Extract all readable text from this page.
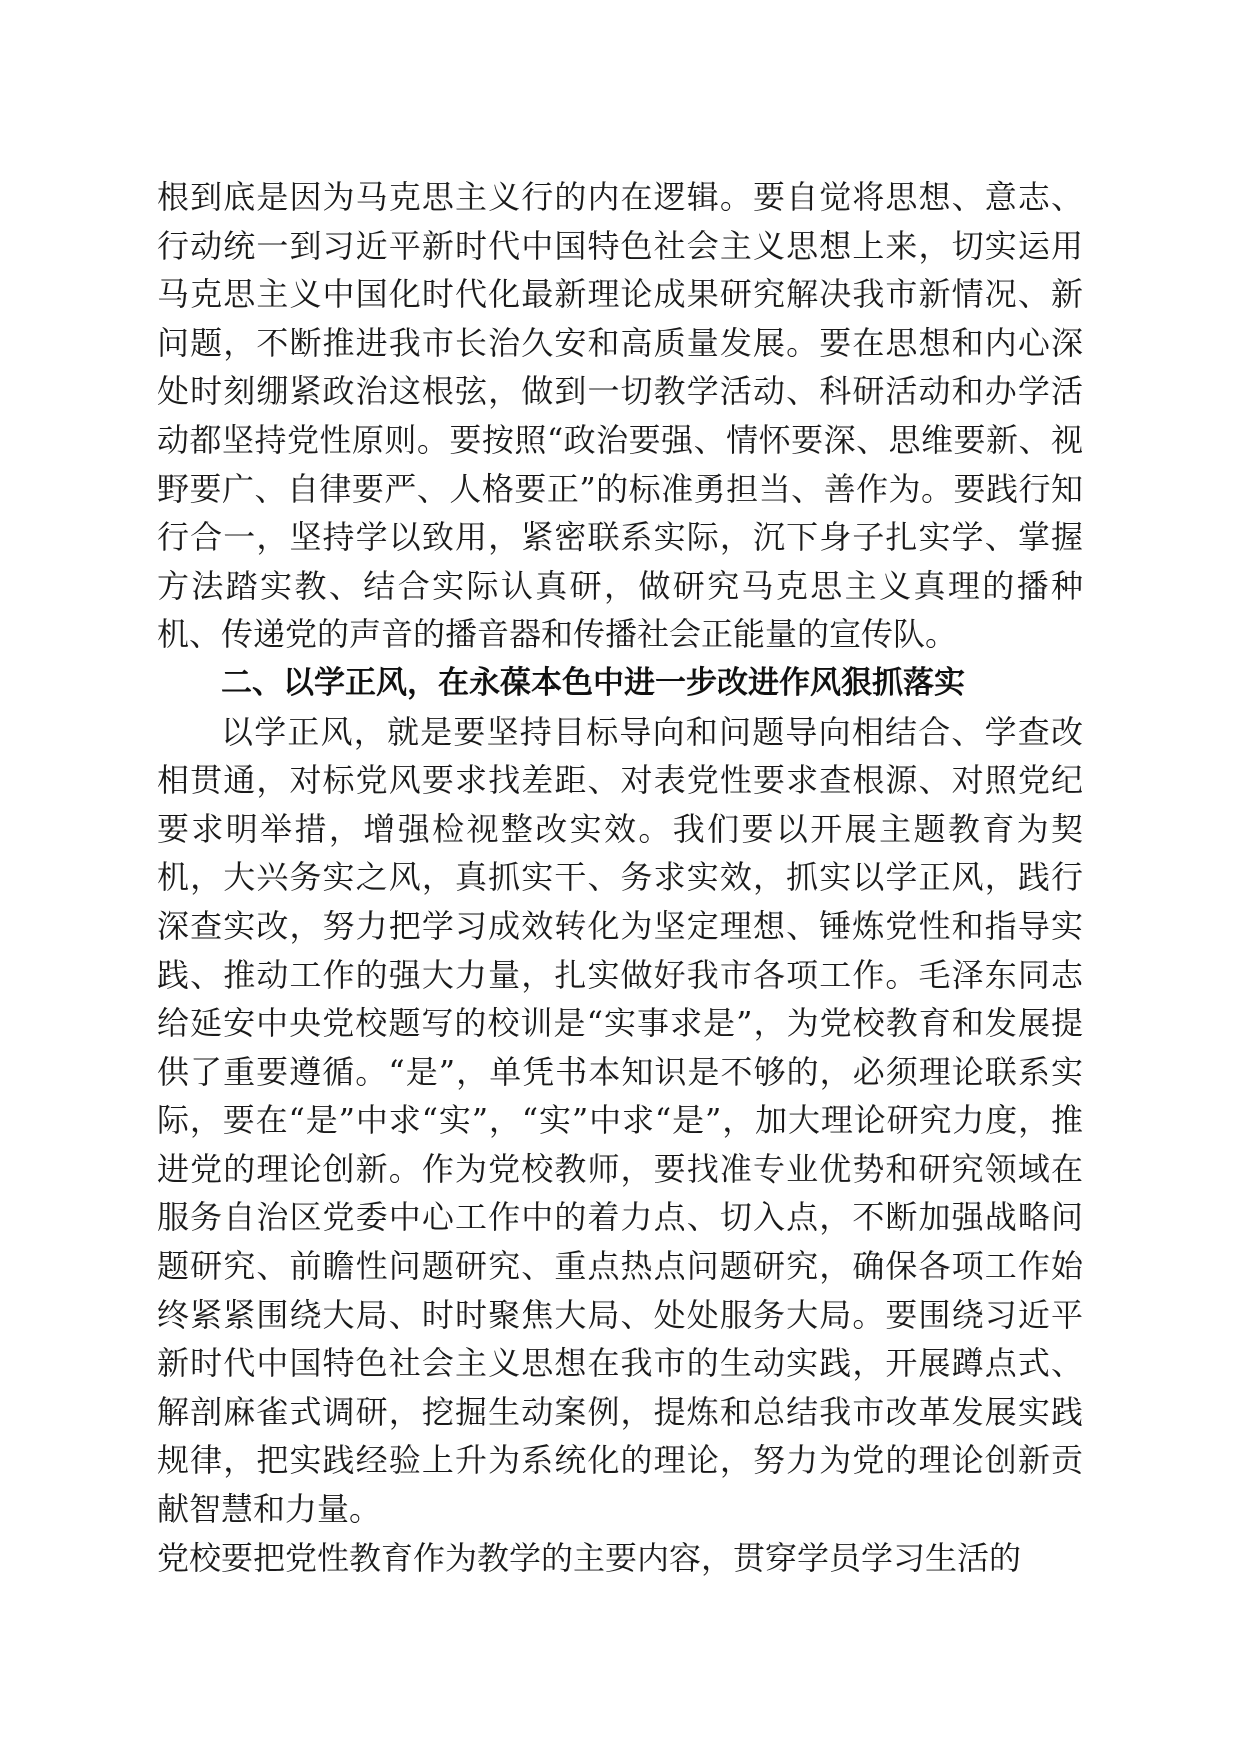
根到底是因为马克思主义行的内在逻辑。要自觉将思想、意志、行动统一到习近平新时代中国特色社会主义思想上来，切实运用马克思主义中国化时代化最新理论成果研究解决我市新情况、新问题，不断推进我市长治久安和高质量发展。要在思想和内心深处时刻绷紧政治这根弦，做到一切教学活动、科研活动和办学活动都坚持党性原则。要按照“政治要强、情怀要深、思维要新、视野要广、自律要严、人格要正”的标准勇担当、善作为。要践行知行合一，坚持学以致用，紧密联系实际，沉下身子扎实学、掌握方法踏实教、结合实际认真研，做研究马克思主义真理的播种机、传递党的声音的播音器和传播社会正能量的宣传队。

二、以学正风，在永葆本色中进一步改进作风狠抓落实

以学正风，就是要坚持目标导向和问题导向相结合、学查改相贯通，对标党风要求找差距、对表党性要求查根源、对照党纪要求明举措，增强检视整改实效。我们要以开展主题教育为契机，大兴务实之风，真抓实干、务求实效，抓实以学正风，践行深查实改，努力把学习成效转化为坚定理想、锤炼党性和指导实践、推动工作的强大力量，扎实做好我市各项工作。毛泽东同志给延安中央党校题写的校训是“实事求是”，为党校教育和发展提供了重要遵循。“是”，单凭书本知识是不够的，必须理论联系实际，要在“是”中求“实”，“实”中求“是”，加大理论研究力度，推进党的理论创新。作为党校教师，要找准专业优势和研究领域在服务自治区党委中心工作中的着力点、切入点，不断加强战略问题研究、前瞻性问题研究、重点热点问题研究，确保各项工作始终紧紧围绕大局、时时聚焦大局、处处服务大局。要围绕习近平新时代中国特色社会主义思想在我市的生动实践，开展蹲点式、解剖麻雀式调研，挖掘生动案例，提炼和总结我市改革发展实践规律，把实践经验上升为系统化的理论，努力为党的理论创新贡献智慧和力量。

党校要把党性教育作为教学的主要内容，贯穿学员学习生活的
